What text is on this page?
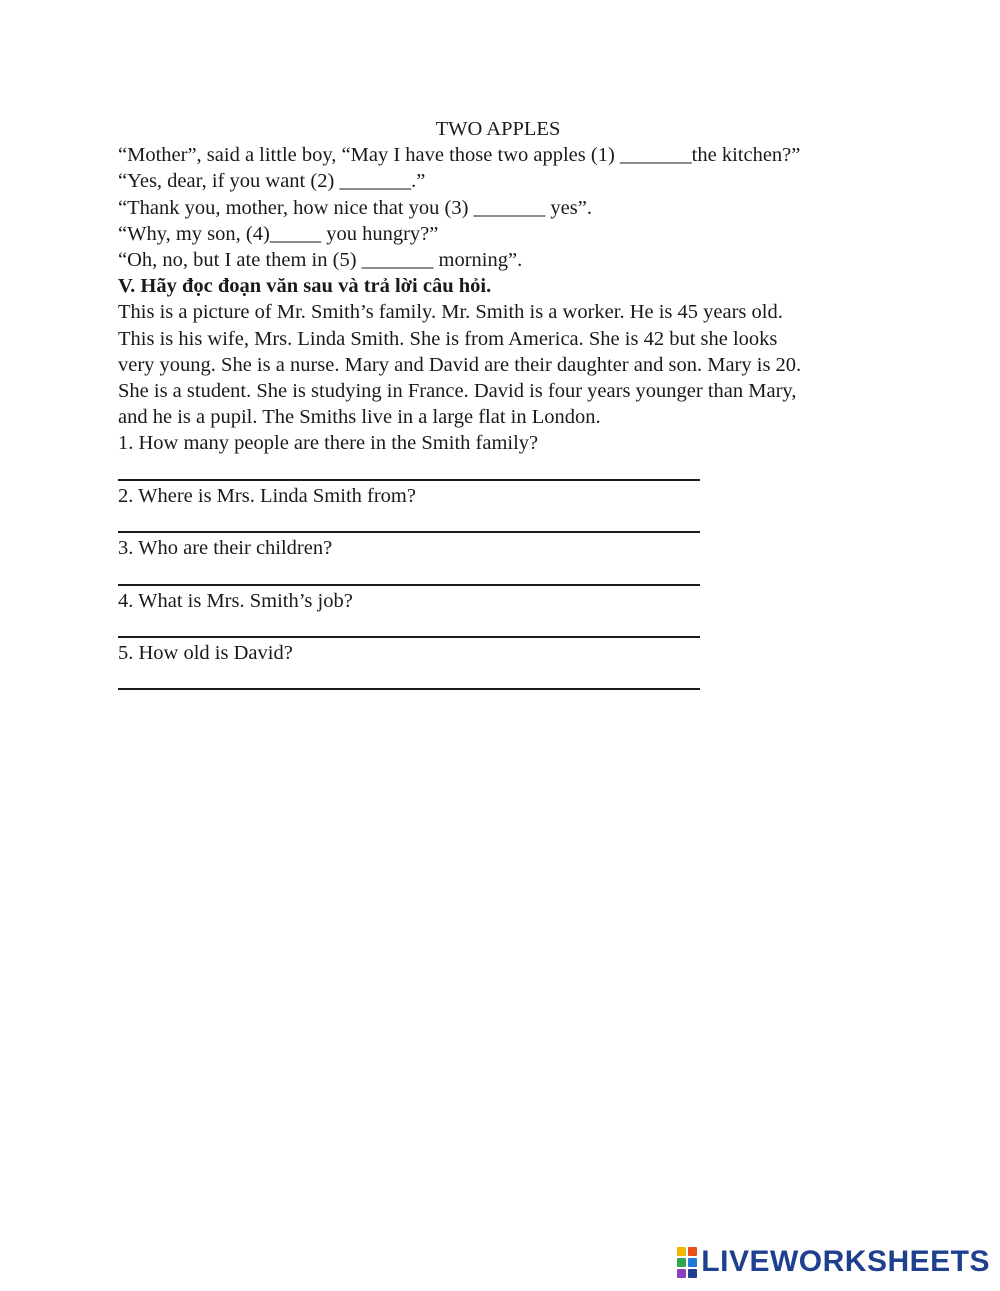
TWO APPLES

“Mother”, said a little boy, “May I have those two apples (1) _______the kitchen?”

“Yes, dear, if you want (2) _______.”

“Thank you, mother, how nice that you (3) _______ yes”.

“Why, my son, (4)_____ you hungry?”

“Oh, no, but I ate them in (5) _______ morning”.

V. Hãy đọc đoạn văn sau và trả lời câu hỏi.

This is a picture of Mr. Smith’s family. Mr. Smith is a worker. He is 45 years old.

This is his wife, Mrs. Linda Smith. She is from America. She is 42 but she looks

very young. She is a nurse. Mary and David are their daughter and son. Mary is 20.

She is a student. She is studying in France. David is four years younger than Mary,

and he is a pupil. The Smiths live in a large flat in London.

1. How many people are there in the Smith family?

2. Where is Mrs. Linda Smith from?

3. Who are their children?

4. What is Mrs. Smith’s job?

5. How old is David?

LIVEWORKSHEETS
